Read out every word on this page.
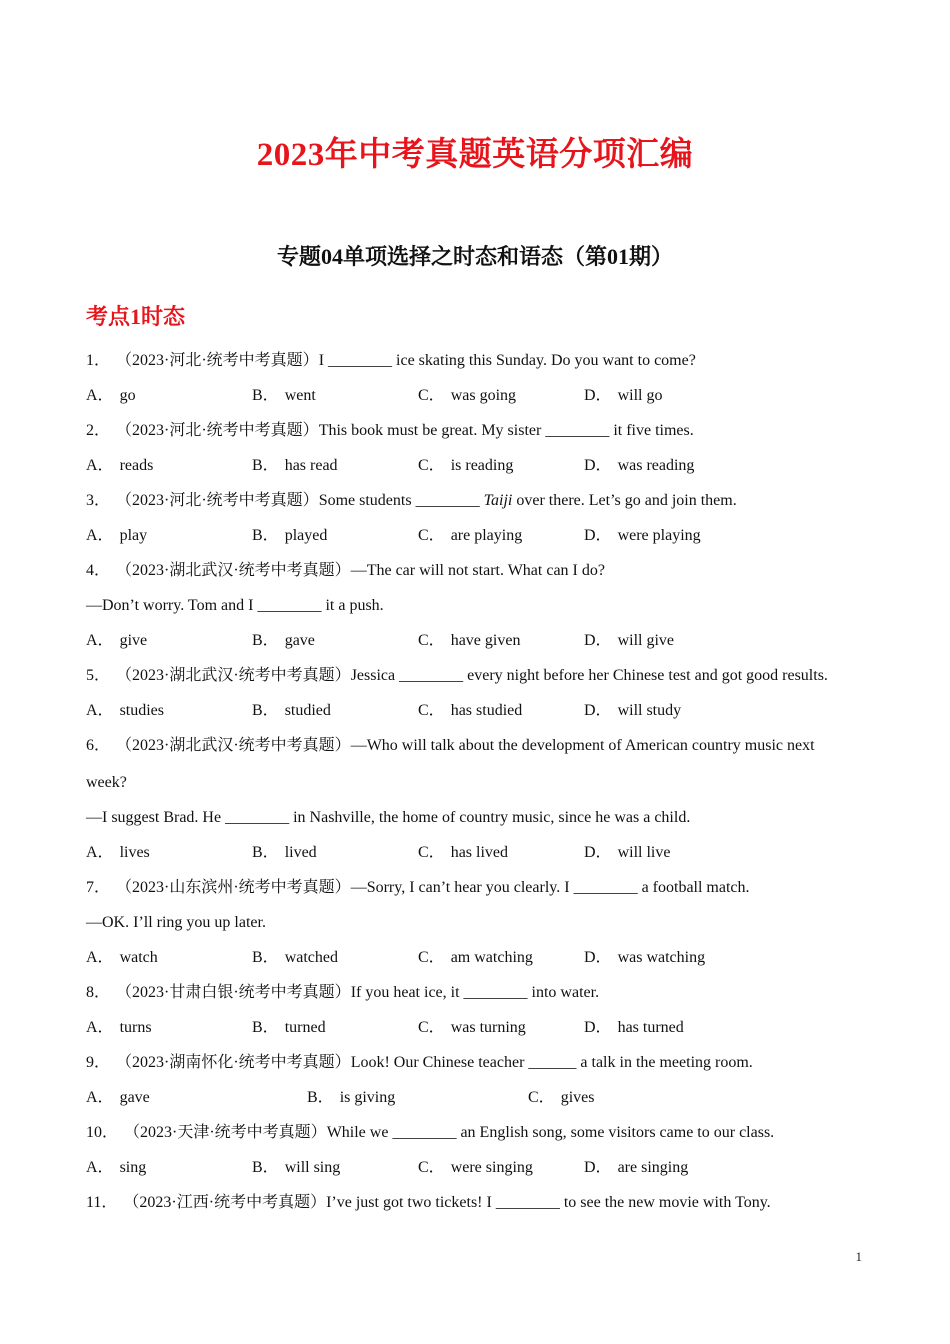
2023年中考真题英语分项汇编
专题04单项选择之时态和语态（第01期）
考点1时态
1． （2023·河北·统考中考真题）I ________ ice skating this Sunday. Do you want to come?
A． go	B． went	C． was going	D． will go
2． （2023·河北·统考中考真题）This book must be great. My sister ________ it five times.
A． reads	B． has read	C． is reading	D． was reading
3． （2023·河北·统考中考真题）Some students ________ Taiji over there. Let’s go and join them.
A． play	B． played	C． are playing	D． were playing
4． （2023·湖北武汉·统考中考真题）—The car will not start. What can I do?
—Don’t worry. Tom and I ________ it a push.
A． give	B． gave	C． have given	D． will give
5． （2023·湖北武汉·统考中考真题）Jessica ________ every night before her Chinese test and got good results.
A． studies	B． studied	C． has studied	D． will study
6． （2023·湖北武汉·统考中考真题）—Who will talk about the development of American country music next
week?
—I suggest Brad. He ________ in Nashville, the home of country music, since he was a child.
A． lives	B． lived	C． has lived	D． will live
7． （2023·山东滨州·统考中考真题）—Sorry, I can’t hear you clearly. I ________ a football match.
—OK. I’ll ring you up later.
A． watch	B． watched	C． am watching	D． was watching
8． （2023·甘肃白银·统考中考真题）If you heat ice, it ________ into water.
A． turns	B． turned	C． was turning	D． has turned
9． （2023·湖南怀化·统考中考真题）Look! Our Chinese teacher ______ a talk in the meeting room.
A． gave	B． is giving	C． gives
10． （2023·天津·统考中考真题）While we ________ an English song, some visitors came to our class.
A． sing	B． will sing	C． were singing	D． are singing
11． （2023·江西·统考中考真题）I’ve just got two tickets! I ________ to see the new movie with Tony.
1
